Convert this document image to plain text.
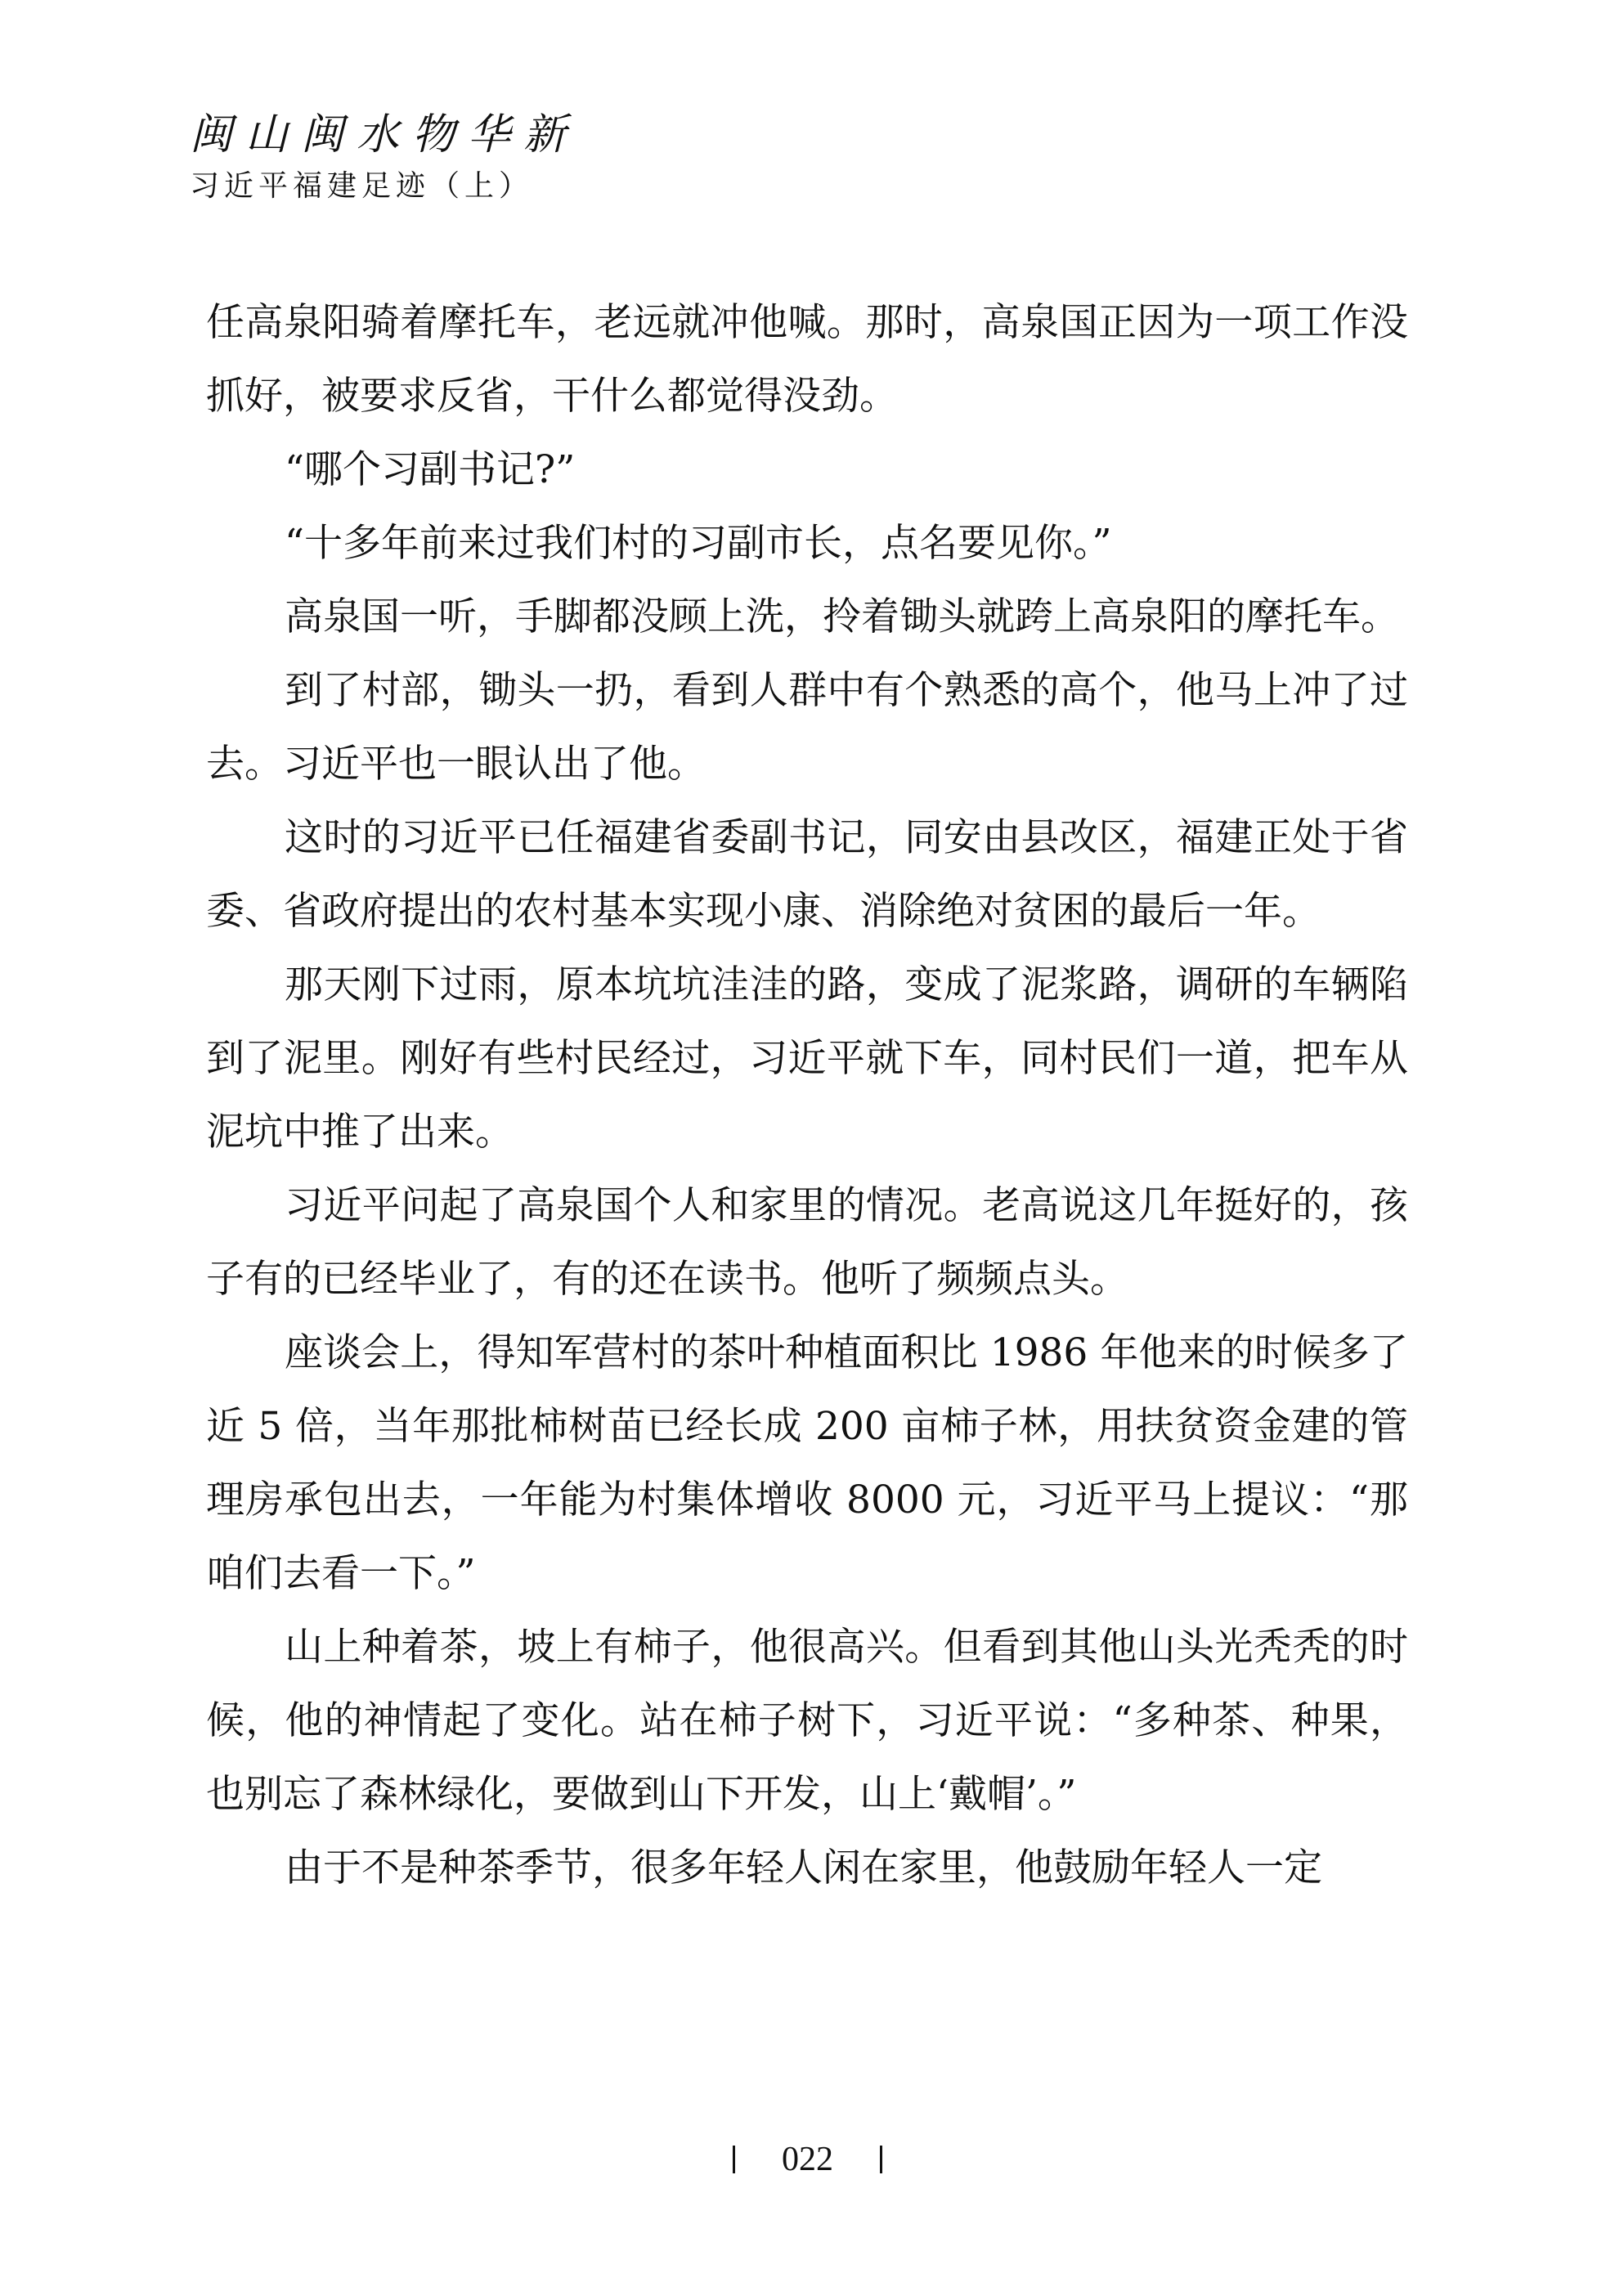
闽山闽水物华新
习近平福建足迹（上）

任高泉阳骑着摩托车，老远就冲他喊。那时，高泉国正因为一项工作没抓好，被要求反省，干什么都觉得没劲。

“哪个习副书记?”

“十多年前来过我们村的习副市长，点名要见你。”

高泉国一听，手脚都没顾上洗，拎着锄头就跨上高泉阳的摩托车。

到了村部，锄头一扔，看到人群中有个熟悉的高个，他马上冲了过去。习近平也一眼认出了他。

这时的习近平已任福建省委副书记，同安由县改区，福建正处于省委、省政府提出的农村基本实现小康、消除绝对贫困的最后一年。

那天刚下过雨，原本坑坑洼洼的路，变成了泥浆路，调研的车辆陷到了泥里。刚好有些村民经过，习近平就下车，同村民们一道，把车从泥坑中推了出来。

习近平问起了高泉国个人和家里的情况。老高说这几年挺好的，孩子有的已经毕业了，有的还在读书。他听了频频点头。

座谈会上，得知军营村的茶叶种植面积比 1986 年他来的时候多了近 5 倍，当年那批柿树苗已经长成 200 亩柿子林，用扶贫资金建的管理房承包出去，一年能为村集体增收 8000 元，习近平马上提议：“那咱们去看一下。”

山上种着茶，坡上有柿子，他很高兴。但看到其他山头光秃秃的时候，他的神情起了变化。站在柿子树下，习近平说：“多种茶、种果，也别忘了森林绿化，要做到山下开发，山上‘戴帽’。”

由于不是种茶季节，很多年轻人闲在家里，他鼓励年轻人一定

022
